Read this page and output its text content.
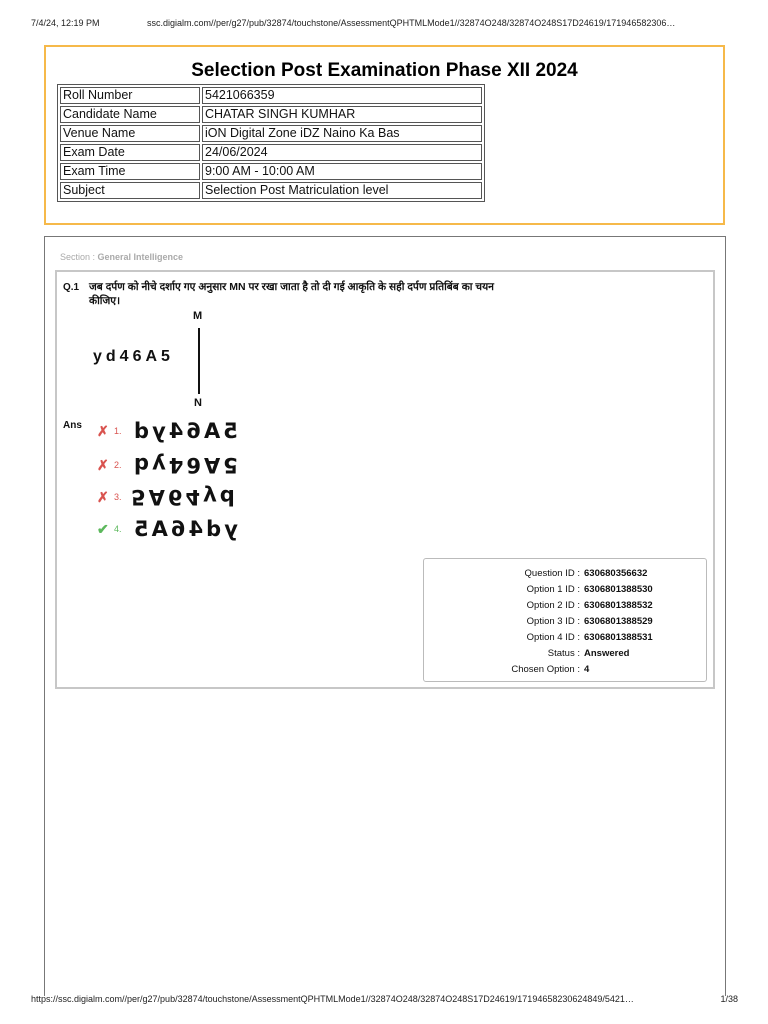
7/4/24, 12:19 PM	ssc.digialm.com//per/g27/pub/32874/touchstone/AssessmentQPHTMLMode1//32874O248/32874O248S17D24619/171946582306…
Selection Post Examination Phase XII 2024
Roll Number	5421066359
Candidate Name	CHATAR SINGH KUMHAR
Venue Name	iON Digital Zone iDZ Naino Ka Bas
Exam Date	24/06/2024
Exam Time	9:00 AM - 10:00 AM
Subject	Selection Post Matriculation level
Section : General Intelligence
Q.1 जब दर्पण को नीचे दर्शाए गए अनुसार MN पर रखा जाता है तो दी गई आकृति के सही दर्पण प्रतिबिंब का चयन कीजिए।
M
N
yd46A5
Ans ✗ 1. 5A64yd
✗ 2. 5A64yd
✗ 3. 5A64yd
✔ 4. yd46A5
Question ID :	630680356632
Option 1 ID :	6306801388530
Option 2 ID :	6306801388532
Option 3 ID :	6306801388529
Option 4 ID :	6306801388531
Status :	Answered
Chosen Option :	4
https://ssc.digialm.com//per/g27/pub/32874/touchstone/AssessmentQPHTMLMode1//32874O248/32874O248S17D24619/17194658230624849/5421…	1/38
